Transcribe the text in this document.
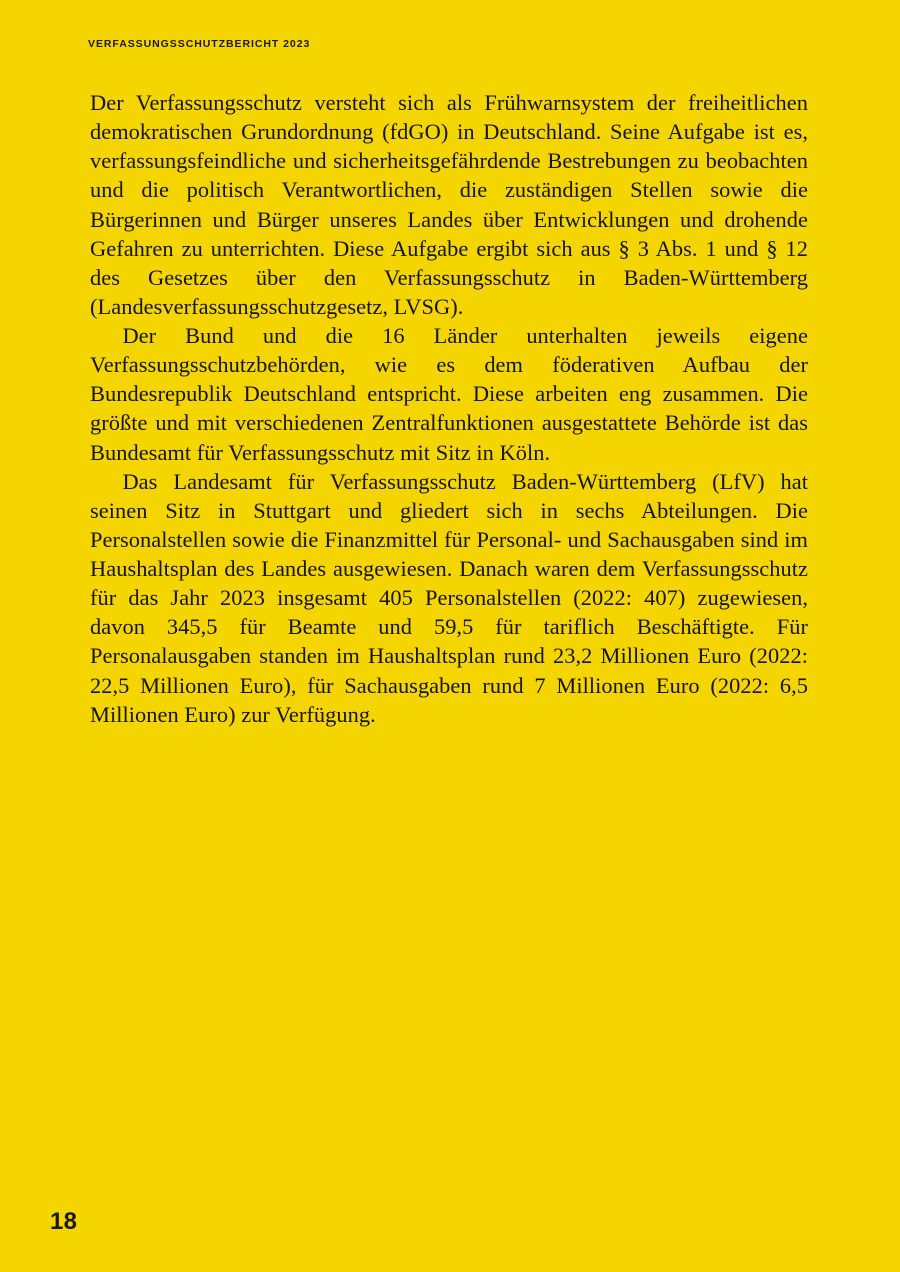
VERFASSUNGSSCHUTZBERICHT 2023

Der Verfassungsschutz versteht sich als Frühwarnsystem der freiheitlichen demokratischen Grundordnung (fdGO) in Deutschland. Seine Aufgabe ist es, verfassungsfeindliche und sicherheitsgefährdende Bestrebungen zu beobachten und die politisch Verantwortlichen, die zuständigen Stellen sowie die Bürgerinnen und Bürger unseres Landes über Entwicklungen und drohende Gefahren zu unterrichten. Diese Aufgabe ergibt sich aus § 3 Abs. 1 und § 12 des Gesetzes über den Verfassungsschutz in Baden-Württemberg (Landesverfassungsschutzgesetz, LVSG).

Der Bund und die 16 Länder unterhalten jeweils eigene Verfassungsschutzbehörden, wie es dem föderativen Aufbau der Bundesrepublik Deutschland entspricht. Diese arbeiten eng zusammen. Die größte und mit verschiedenen Zentralfunktionen ausgestattete Behörde ist das Bundesamt für Verfassungsschutz mit Sitz in Köln.

Das Landesamt für Verfassungsschutz Baden-Württemberg (LfV) hat seinen Sitz in Stuttgart und gliedert sich in sechs Abteilungen. Die Personalstellen sowie die Finanzmittel für Personal- und Sachausgaben sind im Haushaltsplan des Landes ausgewiesen. Danach waren dem Verfassungsschutz für das Jahr 2023 insgesamt 405 Personalstellen (2022: 407) zugewiesen, davon 345,5 für Beamte und 59,5 für tariflich Beschäftigte. Für Personalausgaben standen im Haushaltsplan rund 23,2 Millionen Euro (2022: 22,5 Millionen Euro), für Sachausgaben rund 7 Millionen Euro (2022: 6,5 Millionen Euro) zur Verfügung.

18
